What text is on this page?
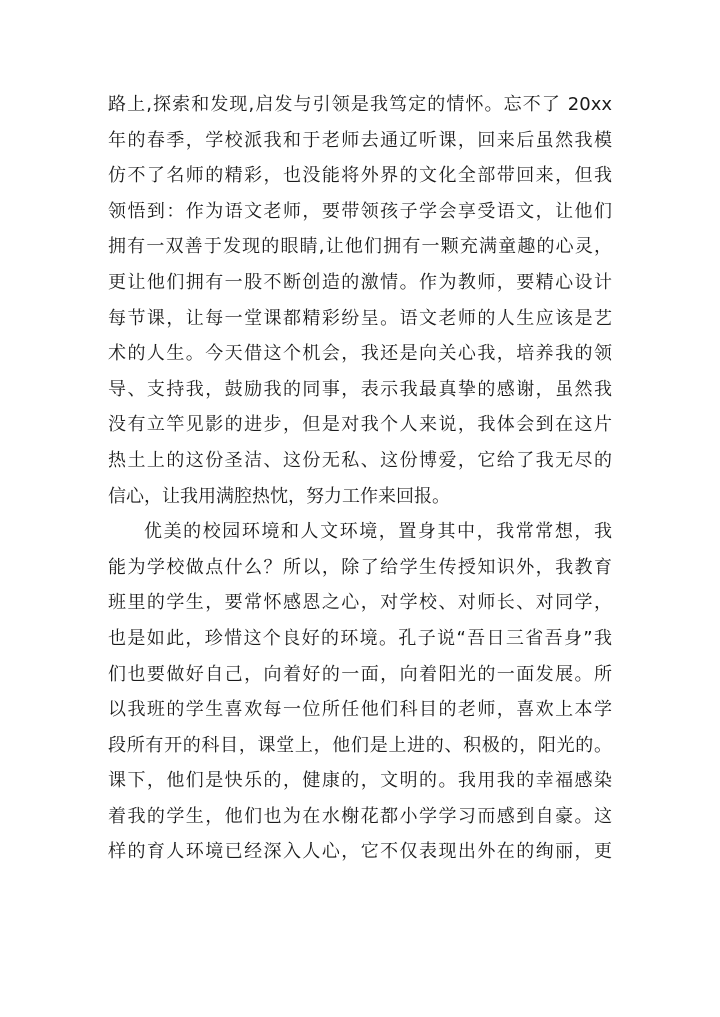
路上,探索和发现,启发与引领是我笃定的情怀。忘不了 20xx
年的春季，学校派我和于老师去通辽听课，回来后虽然我模
仿不了名师的精彩，也没能将外界的文化全部带回来，但我
领悟到：作为语文老师，要带领孩子学会享受语文，让他们
拥有一双善于发现的眼睛,让他们拥有一颗充满童趣的心灵，
更让他们拥有一股不断创造的激情。作为教师，要精心设计
每节课，让每一堂课都精彩纷呈。语文老师的人生应该是艺
术的人生。今天借这个机会，我还是向关心我，培养我的领
导、支持我，鼓励我的同事，表示我最真挚的感谢，虽然我
没有立竿见影的进步，但是对我个人来说，我体会到在这片
热土上的这份圣洁、这份无私、这份博爱，它给了我无尽的
信心，让我用满腔热忱，努力工作来回报。
优美的校园环境和人文环境，置身其中，我常常想，我
能为学校做点什么？所以，除了给学生传授知识外，我教育
班里的学生，要常怀感恩之心，对学校、对师长、对同学，
也是如此，珍惜这个良好的环境。孔子说“吾日三省吾身”我
们也要做好自己，向着好的一面，向着阳光的一面发展。所
以我班的学生喜欢每一位所任他们科目的老师，喜欢上本学
段所有开的科目，课堂上，他们是上进的、积极的，阳光的。
课下，他们是快乐的，健康的，文明的。我用我的幸福感染
着我的学生，他们也为在水榭花都小学学习而感到自豪。这
样的育人环境已经深入人心，它不仅表现出外在的绚丽，更
